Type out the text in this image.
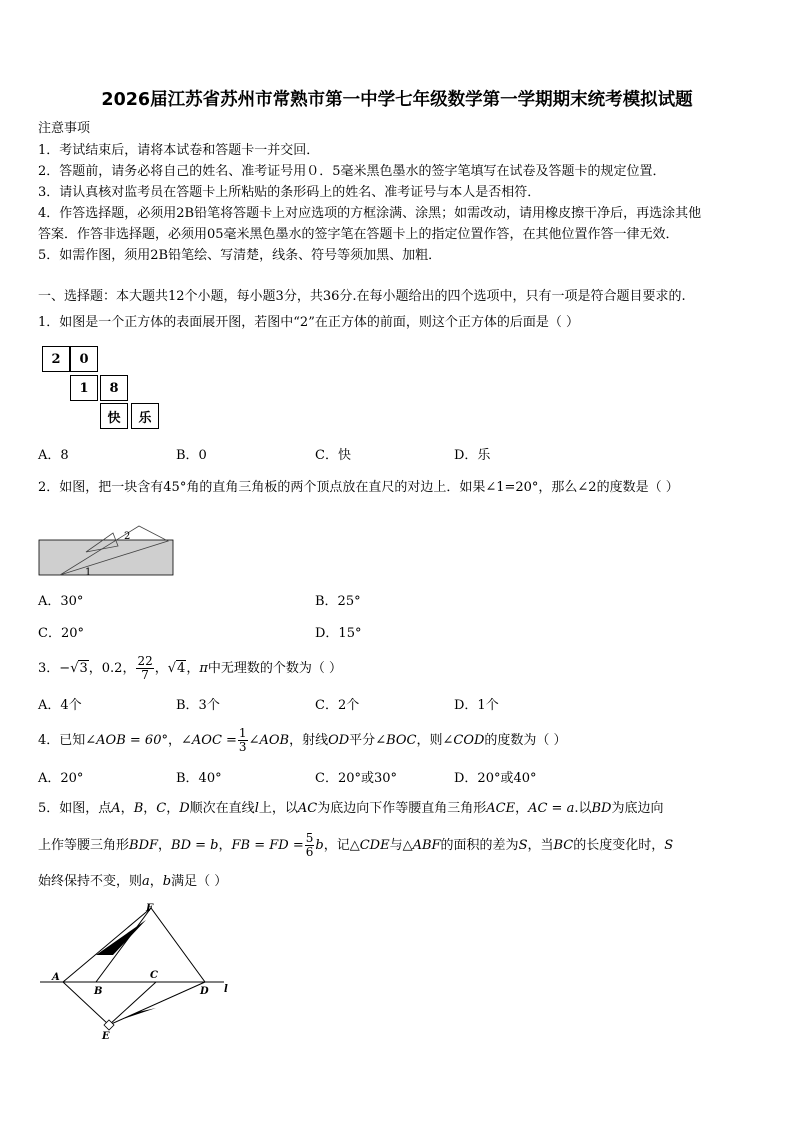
2026届江苏省苏州市常熟市第一中学七年级数学第一学期期末统考模拟试题
注意事项
1．考试结束后，请将本试卷和答题卡一并交回．
2．答题前，请务必将自己的姓名、准考证号用０．5毫米黑色墨水的签字笔填写在试卷及答题卡的规定位置．
3．请认真核对监考员在答题卡上所粘贴的条形码上的姓名、准考证号与本人是否相符．
4．作答选择题，必须用2B铅笔将答题卡上对应选项的方框涂满、涂黑；如需改动，请用橡皮擦干净后，再选涂其他
答案．作答非选择题，必须用05毫米黑色墨水的签字笔在答题卡上的指定位置作答，在其他位置作答一律无效．
5．如需作图，须用2B铅笔绘、写清楚，线条、符号等须加黑、加粗．
一、选择题：本大题共12个小题，每小题3分，共36分.在每小题给出的四个选项中，只有一项是符合题目要求的.
1．如图是一个正方体的表面展开图，若图中“2”在正方体的前面，则这个正方体的后面是（ ）
2	0
1	8
快	乐
A．8	B．0	C．快	D．乐
2．如图，把一块含有45°角的直角三角板的两个顶点放在直尺的对边上．如果∠1=20°，那么∠2的度数是（ ）
2
1
A．30°	B．25°
C．20°	D．15°
3．−√3，0.2， $\frac{22}{7}$ ，√4，π中无理数的个数为（ ）
A．4个	B．3个	C．2个	D．1个
4．已知∠AOB = 60°，∠AOC = $\frac{1}{3}$ ∠AOB，射线OD平分∠BOC，则∠COD的度数为（ ）
A．20°	B．40°	C．20°或30°	D．20°或40°
5．如图，点A，B，C，D顺次在直线l上，以AC为底边向下作等腰直角三角形ACE，AC = a.以BD为底边向
上作等腰三角形BDF，BD = b，FB = FD = $\frac{5}{6}$ b，记△CDE与△ABF的面积的差为S，当BC的长度变化时，S
始终保持不变，则a，b满足（ ）
F
A	C
B	D l
E
